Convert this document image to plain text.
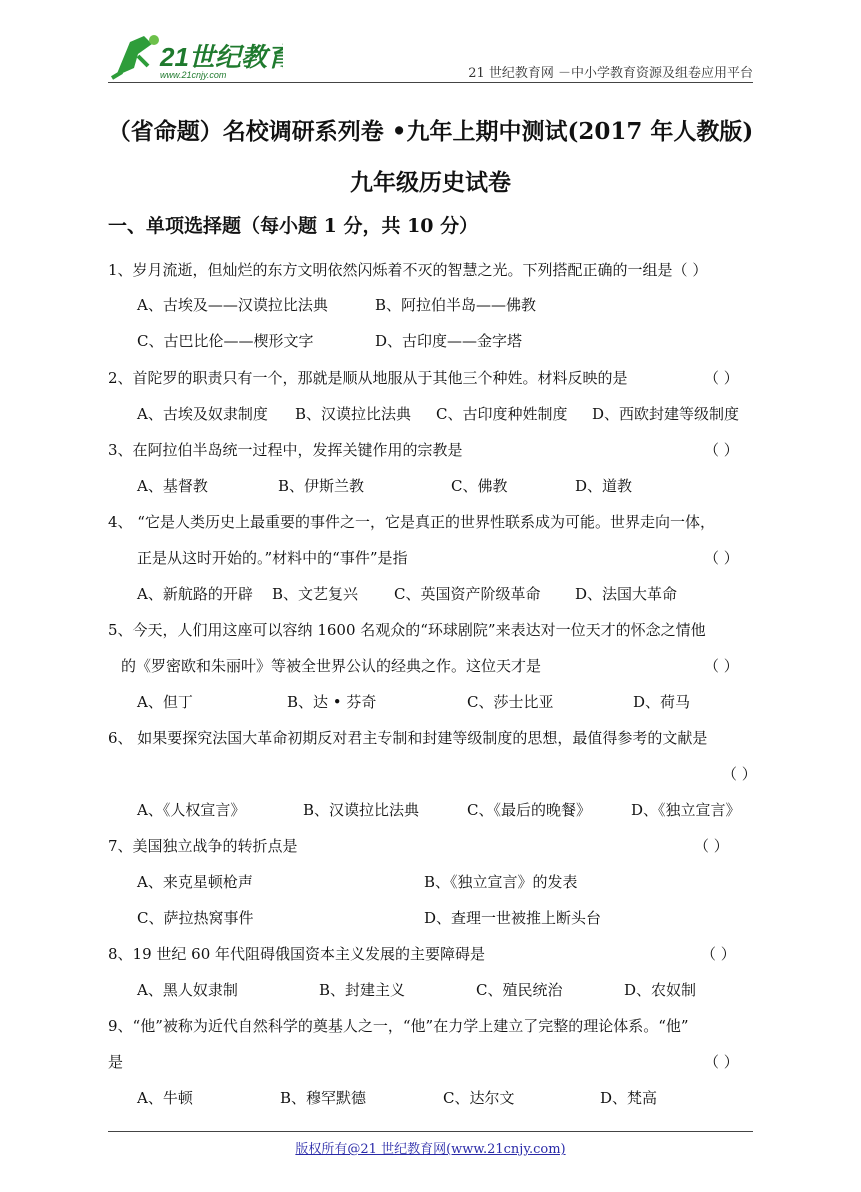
21世纪教育
www.21cnjy.com	21 世纪教育网 －中小学教育资源及组卷应用平台
（省命题）名校调研系列卷 •九年上期中测试(2017 年人教版)
九年级历史试卷
一、单项选择题（每小题 1 分，共 10 分）
1、岁月流逝，但灿烂的东方文明依然闪烁着不灭的智慧之光。下列搭配正确的一组是（ ）
A、古埃及——汉谟拉比法典	B、阿拉伯半岛——佛教
C、古巴比伦——楔形文字	D、古印度——金字塔
2、首陀罗的职责只有一个，那就是顺从地服从于其他三个种姓。材料反映的是	（ ）
A、古埃及奴隶制度 B、汉谟拉比法典 C、古印度种姓制度 D、西欧封建等级制度
3、在阿拉伯半岛统一过程中，发挥关键作用的宗教是	（ ）
A、基督教	B、伊斯兰教	C、佛教	D、道教
4、 “它是人类历史上最重要的事件之一，它是真正的世界性联系成为可能。世界走向一体，
正是从这时开始的。”材料中的“事件”是指	（ ）
A、新航路的开辟 B、文艺复兴 C、英国资产阶级革命 D、法国大革命
5、今天，人们用这座可以容纳 1600 名观众的“环球剧院”来表达对一位天才的怀念之情他
的《罗密欧和朱丽叶》等被全世界公认的经典之作。这位天才是	（ ）
A、但丁	B、达 • 芬奇	C、莎士比亚	D、荷马
6、 如果要探究法国大革命初期反对君主专制和封建等级制度的思想，最值得参考的文献是
（ ）
A、《人权宣言》	B、汉谟拉比法典	C、《最后的晚餐》	D、《独立宣言》
7、美国独立战争的转折点是	（ ）
A、来克星顿枪声	B、《独立宣言》的发表
C、萨拉热窝事件	D、查理一世被推上断头台
8、19 世纪 60 年代阻碍俄国资本主义发展的主要障碍是	（ ）
A、黑人奴隶制	B、封建主义	C、殖民统治	D、农奴制
9、“他”被称为近代自然科学的奠基人之一，“他”在力学上建立了完整的理论体系。“他”
是	（ ）
A、牛顿	B、穆罕默德	C、达尔文	D、梵高
版权所有@21 世纪教育网(www.21cnjy.com)
